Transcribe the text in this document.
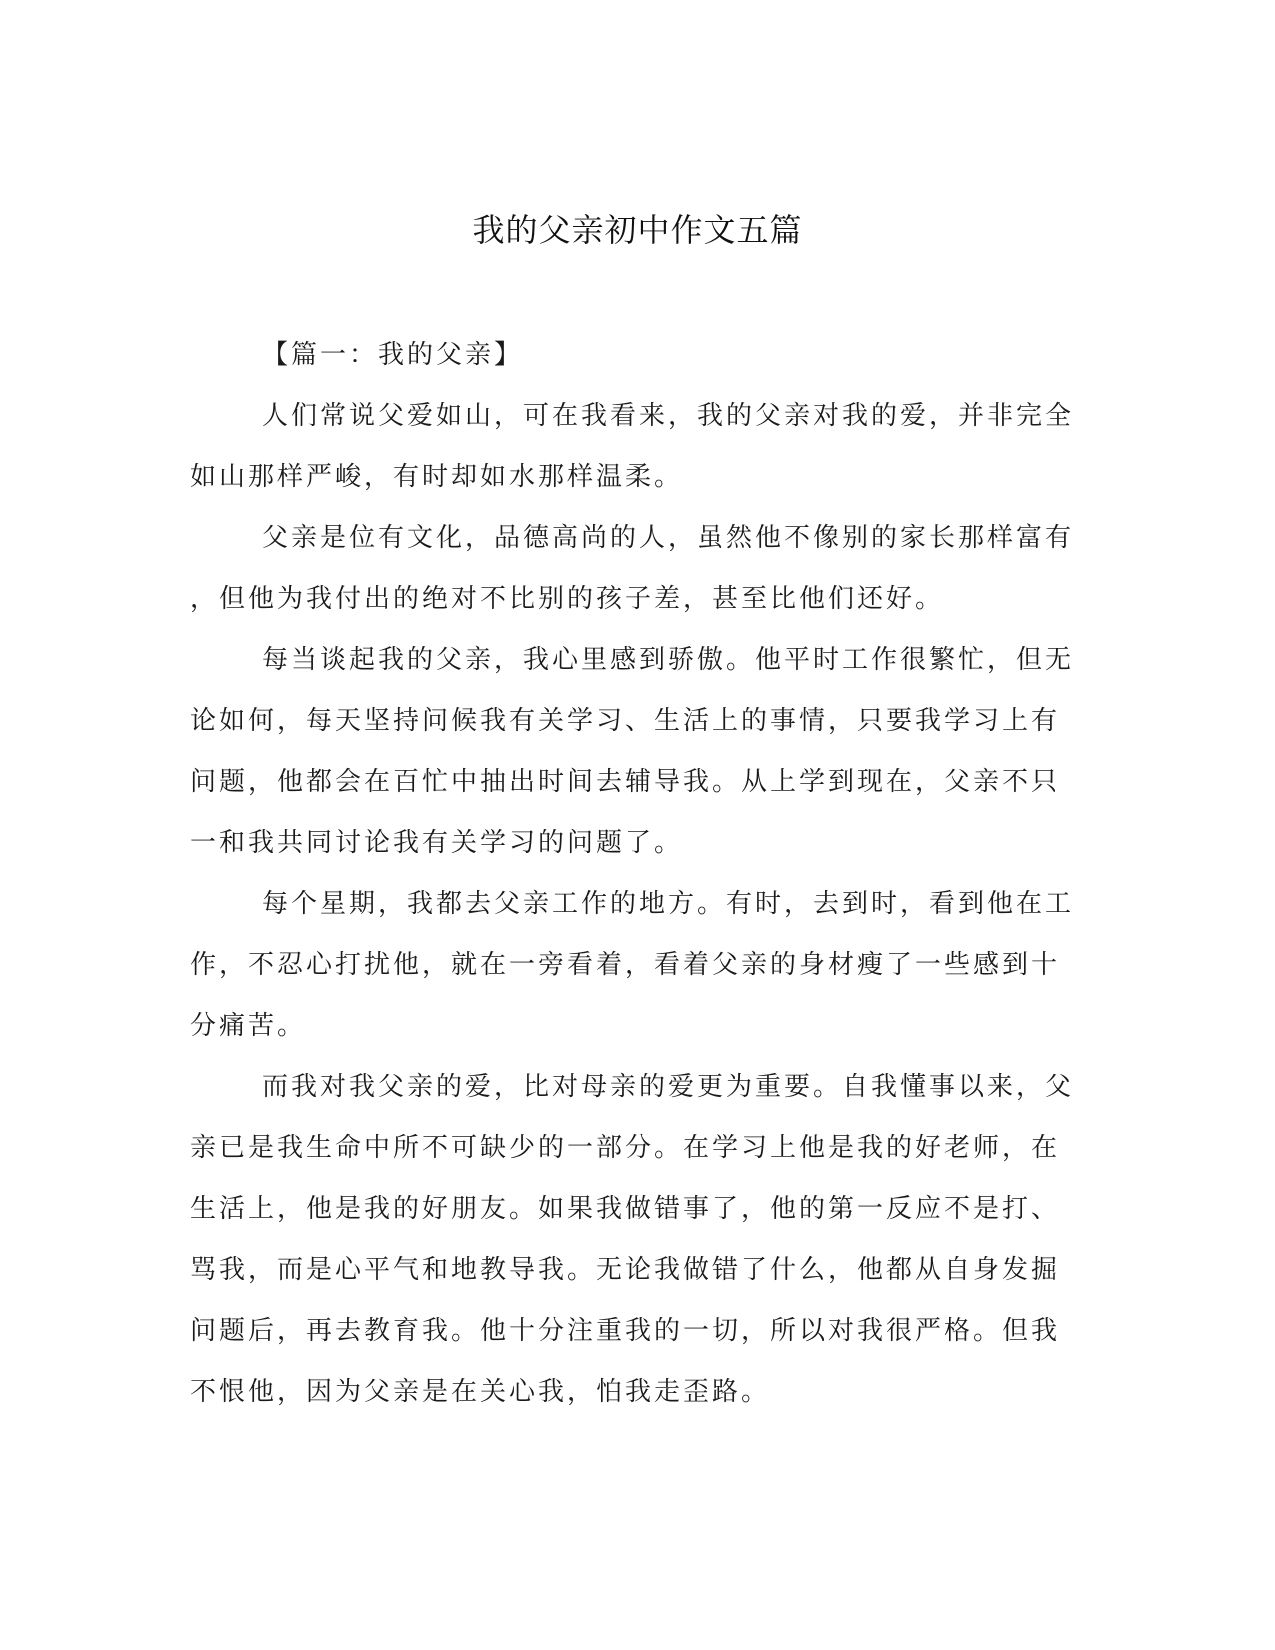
我的父亲初中作文五篇
【篇一：我的父亲】

人们常说父爱如山，可在我看来，我的父亲对我的爱，并非完全
如山那样严峻，有时却如水那样温柔。

父亲是位有文化，品德高尚的人，虽然他不像别的家长那样富有
，但他为我付出的绝对不比别的孩子差，甚至比他们还好。

每当谈起我的父亲，我心里感到骄傲。他平时工作很繁忙，但无
论如何，每天坚持问候我有关学习、生活上的事情，只要我学习上有
问题，他都会在百忙中抽出时间去辅导我。从上学到现在，父亲不只
一和我共同讨论我有关学习的问题了。

每个星期，我都去父亲工作的地方。有时，去到时，看到他在工
作，不忍心打扰他，就在一旁看着，看着父亲的身材瘦了一些感到十
分痛苦。

而我对我父亲的爱，比对母亲的爱更为重要。自我懂事以来，父
亲已是我生命中所不可缺少的一部分。在学习上他是我的好老师，在
生活上，他是我的好朋友。如果我做错事了，他的第一反应不是打、
骂我，而是心平气和地教导我。无论我做错了什么，他都从自身发掘
问题后，再去教育我。他十分注重我的一切，所以对我很严格。但我
不恨他，因为父亲是在关心我，怕我走歪路。
